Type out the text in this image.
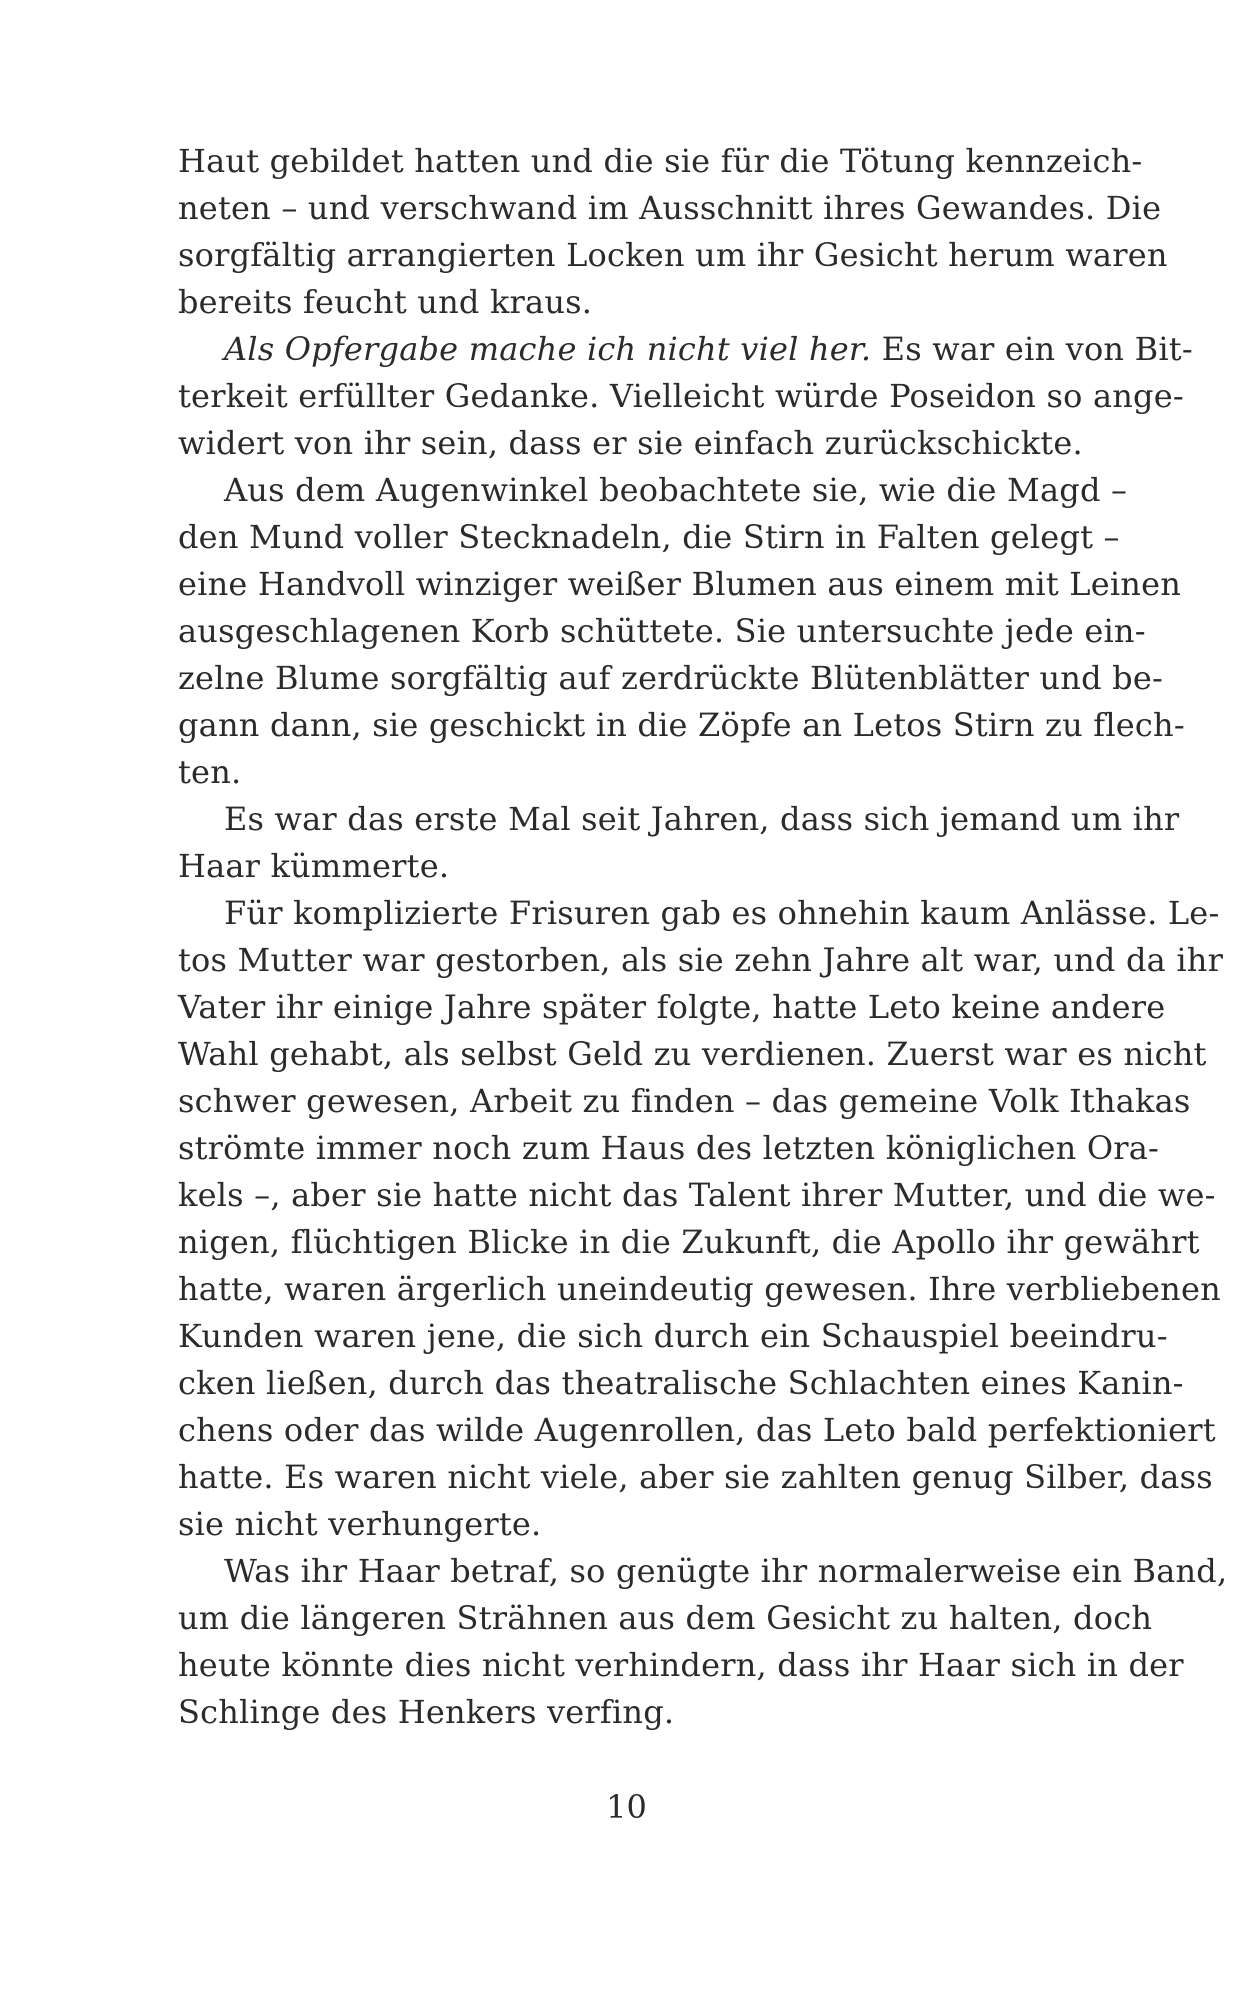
Haut gebildet hatten und die sie für die Tötung kennzeich-
neten – und verschwand im Ausschnitt ihres Gewandes. Die
sorgfältig arrangierten Locken um ihr Gesicht herum waren
bereits feucht und kraus.
Als Opfergabe mache ich nicht viel her. Es war ein von Bit-
terkeit erfüllter Gedanke. Vielleicht würde Poseidon so ange-
widert von ihr sein, dass er sie einfach zurückschickte.
Aus dem Augenwinkel beobachtete sie, wie die Magd –
den Mund voller Stecknadeln, die Stirn in Falten gelegt –
eine Handvoll winziger weißer Blumen aus einem mit Leinen
ausgeschlagenen Korb schüttete. Sie untersuchte jede ein-
zelne Blume sorgfältig auf zerdrückte Blütenblätter und be-
gann dann, sie geschickt in die Zöpfe an Letos Stirn zu flech-
ten.
Es war das erste Mal seit Jahren, dass sich jemand um ihr
Haar kümmerte.
Für komplizierte Frisuren gab es ohnehin kaum Anlässe. Le-
tos Mutter war gestorben, als sie zehn Jahre alt war, und da ihr
Vater ihr einige Jahre später folgte, hatte Leto keine andere
Wahl gehabt, als selbst Geld zu verdienen. Zuerst war es nicht
schwer gewesen, Arbeit zu finden – das gemeine Volk Ithakas
strömte immer noch zum Haus des letzten königlichen Ora-
kels –, aber sie hatte nicht das Talent ihrer Mutter, und die we-
nigen, flüchtigen Blicke in die Zukunft, die Apollo ihr gewährt
hatte, waren ärgerlich uneindeutig gewesen. Ihre verbliebenen
Kunden waren jene, die sich durch ein Schauspiel beeindru-
cken ließen, durch das theatralische Schlachten eines Kanin-
chens oder das wilde Augenrollen, das Leto bald perfektioniert
hatte. Es waren nicht viele, aber sie zahlten genug Silber, dass
sie nicht verhungerte.
Was ihr Haar betraf, so genügte ihr normalerweise ein Band,
um die längeren Strähnen aus dem Gesicht zu halten, doch
heute könnte dies nicht verhindern, dass ihr Haar sich in der
Schlinge des Henkers verfing.
10
